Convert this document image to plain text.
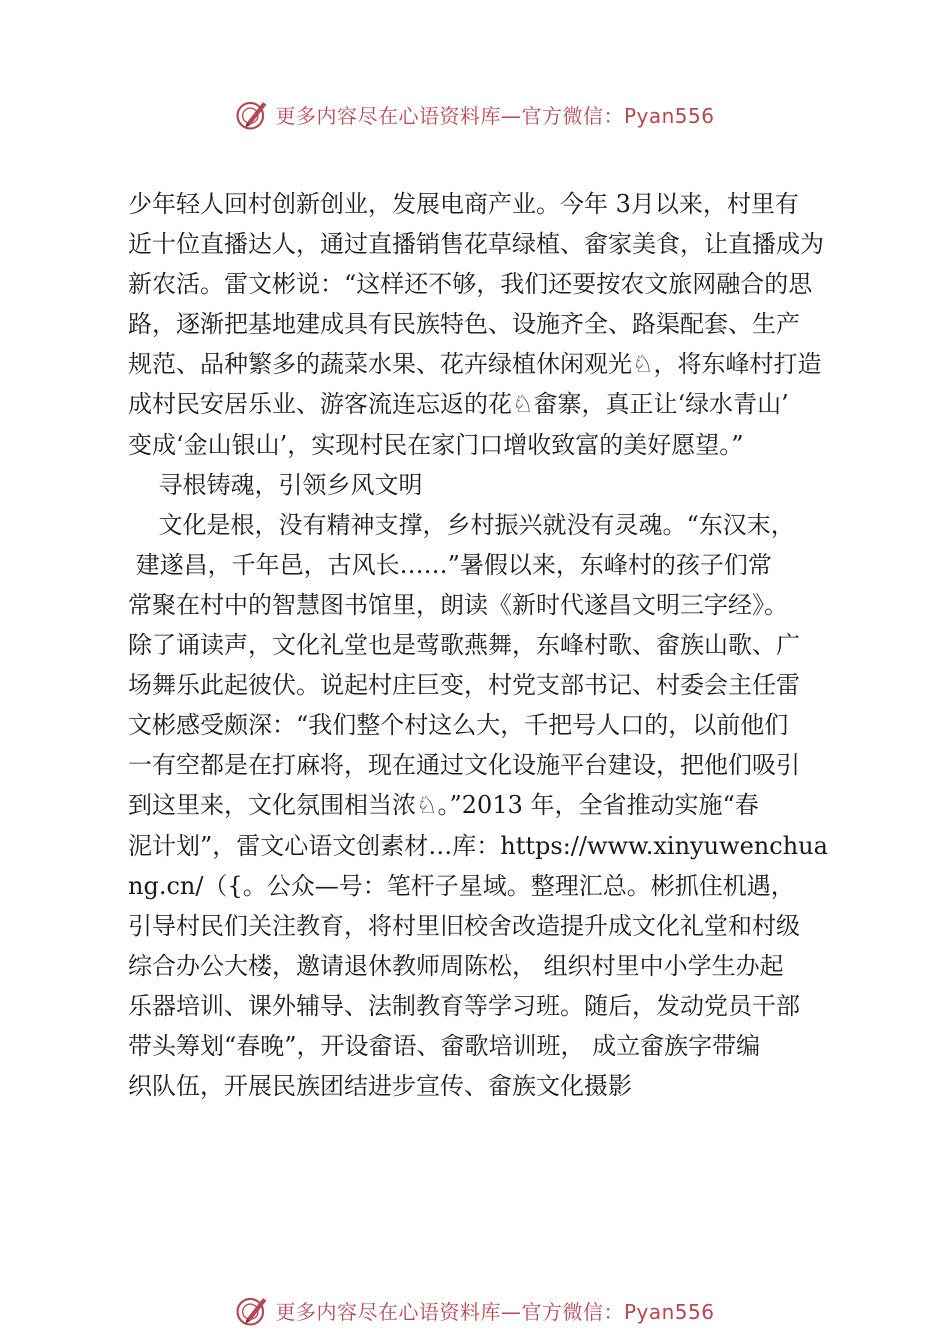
更多内容尽在心语资料库—官方微信：Pyan556
少年轻人回村创新创业，发展电商产业。今年 3月以来，村里有
近十位直播达人，通过直播销售花草绿植、畲家美食，让直播成为
新农活。雷文彬说：“这样还不够，我们还要按农文旅网融合的思
路，逐渐把基地建成具有民族特色、设施齐全、路渠配套、生产
规范、品种繁多的蔬菜水果、花卉绿植休闲观光♘，将东峰村打造
成村民安居乐业、游客流连忘返的花♘畲寨，真正让‘绿水青山’
变成‘金山银山’，实现村民在家门口增收致富的美好愿望。”
寻根铸魂，引领乡风文明
文化是根，没有精神支撑，乡村振兴就没有灵魂。“东汉末，
建遂昌，千年邑，古风长……”暑假以来，东峰村的孩子们常
常聚在村中的智慧图书馆里，朗读《新时代遂昌文明三字经》。
除了诵读声，文化礼堂也是莺歌燕舞，东峰村歌、畲族山歌、广
场舞乐此起彼伏。说起村庄巨变，村党支部书记、村委会主任雷
文彬感受颇深：“我们整个村这么大，千把号人口的，以前他们
一有空都是在打麻将，现在通过文化设施平台建设，把他们吸引
到这里来，文化氛围相当浓♘。”2013 年，全省推动实施“春
泥计划”，雷文心语文创素材…库：https://www.xinyuwenchua
ng.cn/（{。公众—号：笔杆子星域。整理汇总。彬抓住机遇，
引导村民们关注教育，将村里旧校舍改造提升成文化礼堂和村级
综合办公大楼，邀请退休教师周陈松， 组织村里中小学生办起
乐器培训、课外辅导、法制教育等学习班。随后，发动党员干部
带头筹划“春晚”，开设畲语、畲歌培训班， 成立畲族字带编
织队伍，开展民族团结进步宣传、畲族文化摄影
更多内容尽在心语资料库—官方微信：Pyan556
